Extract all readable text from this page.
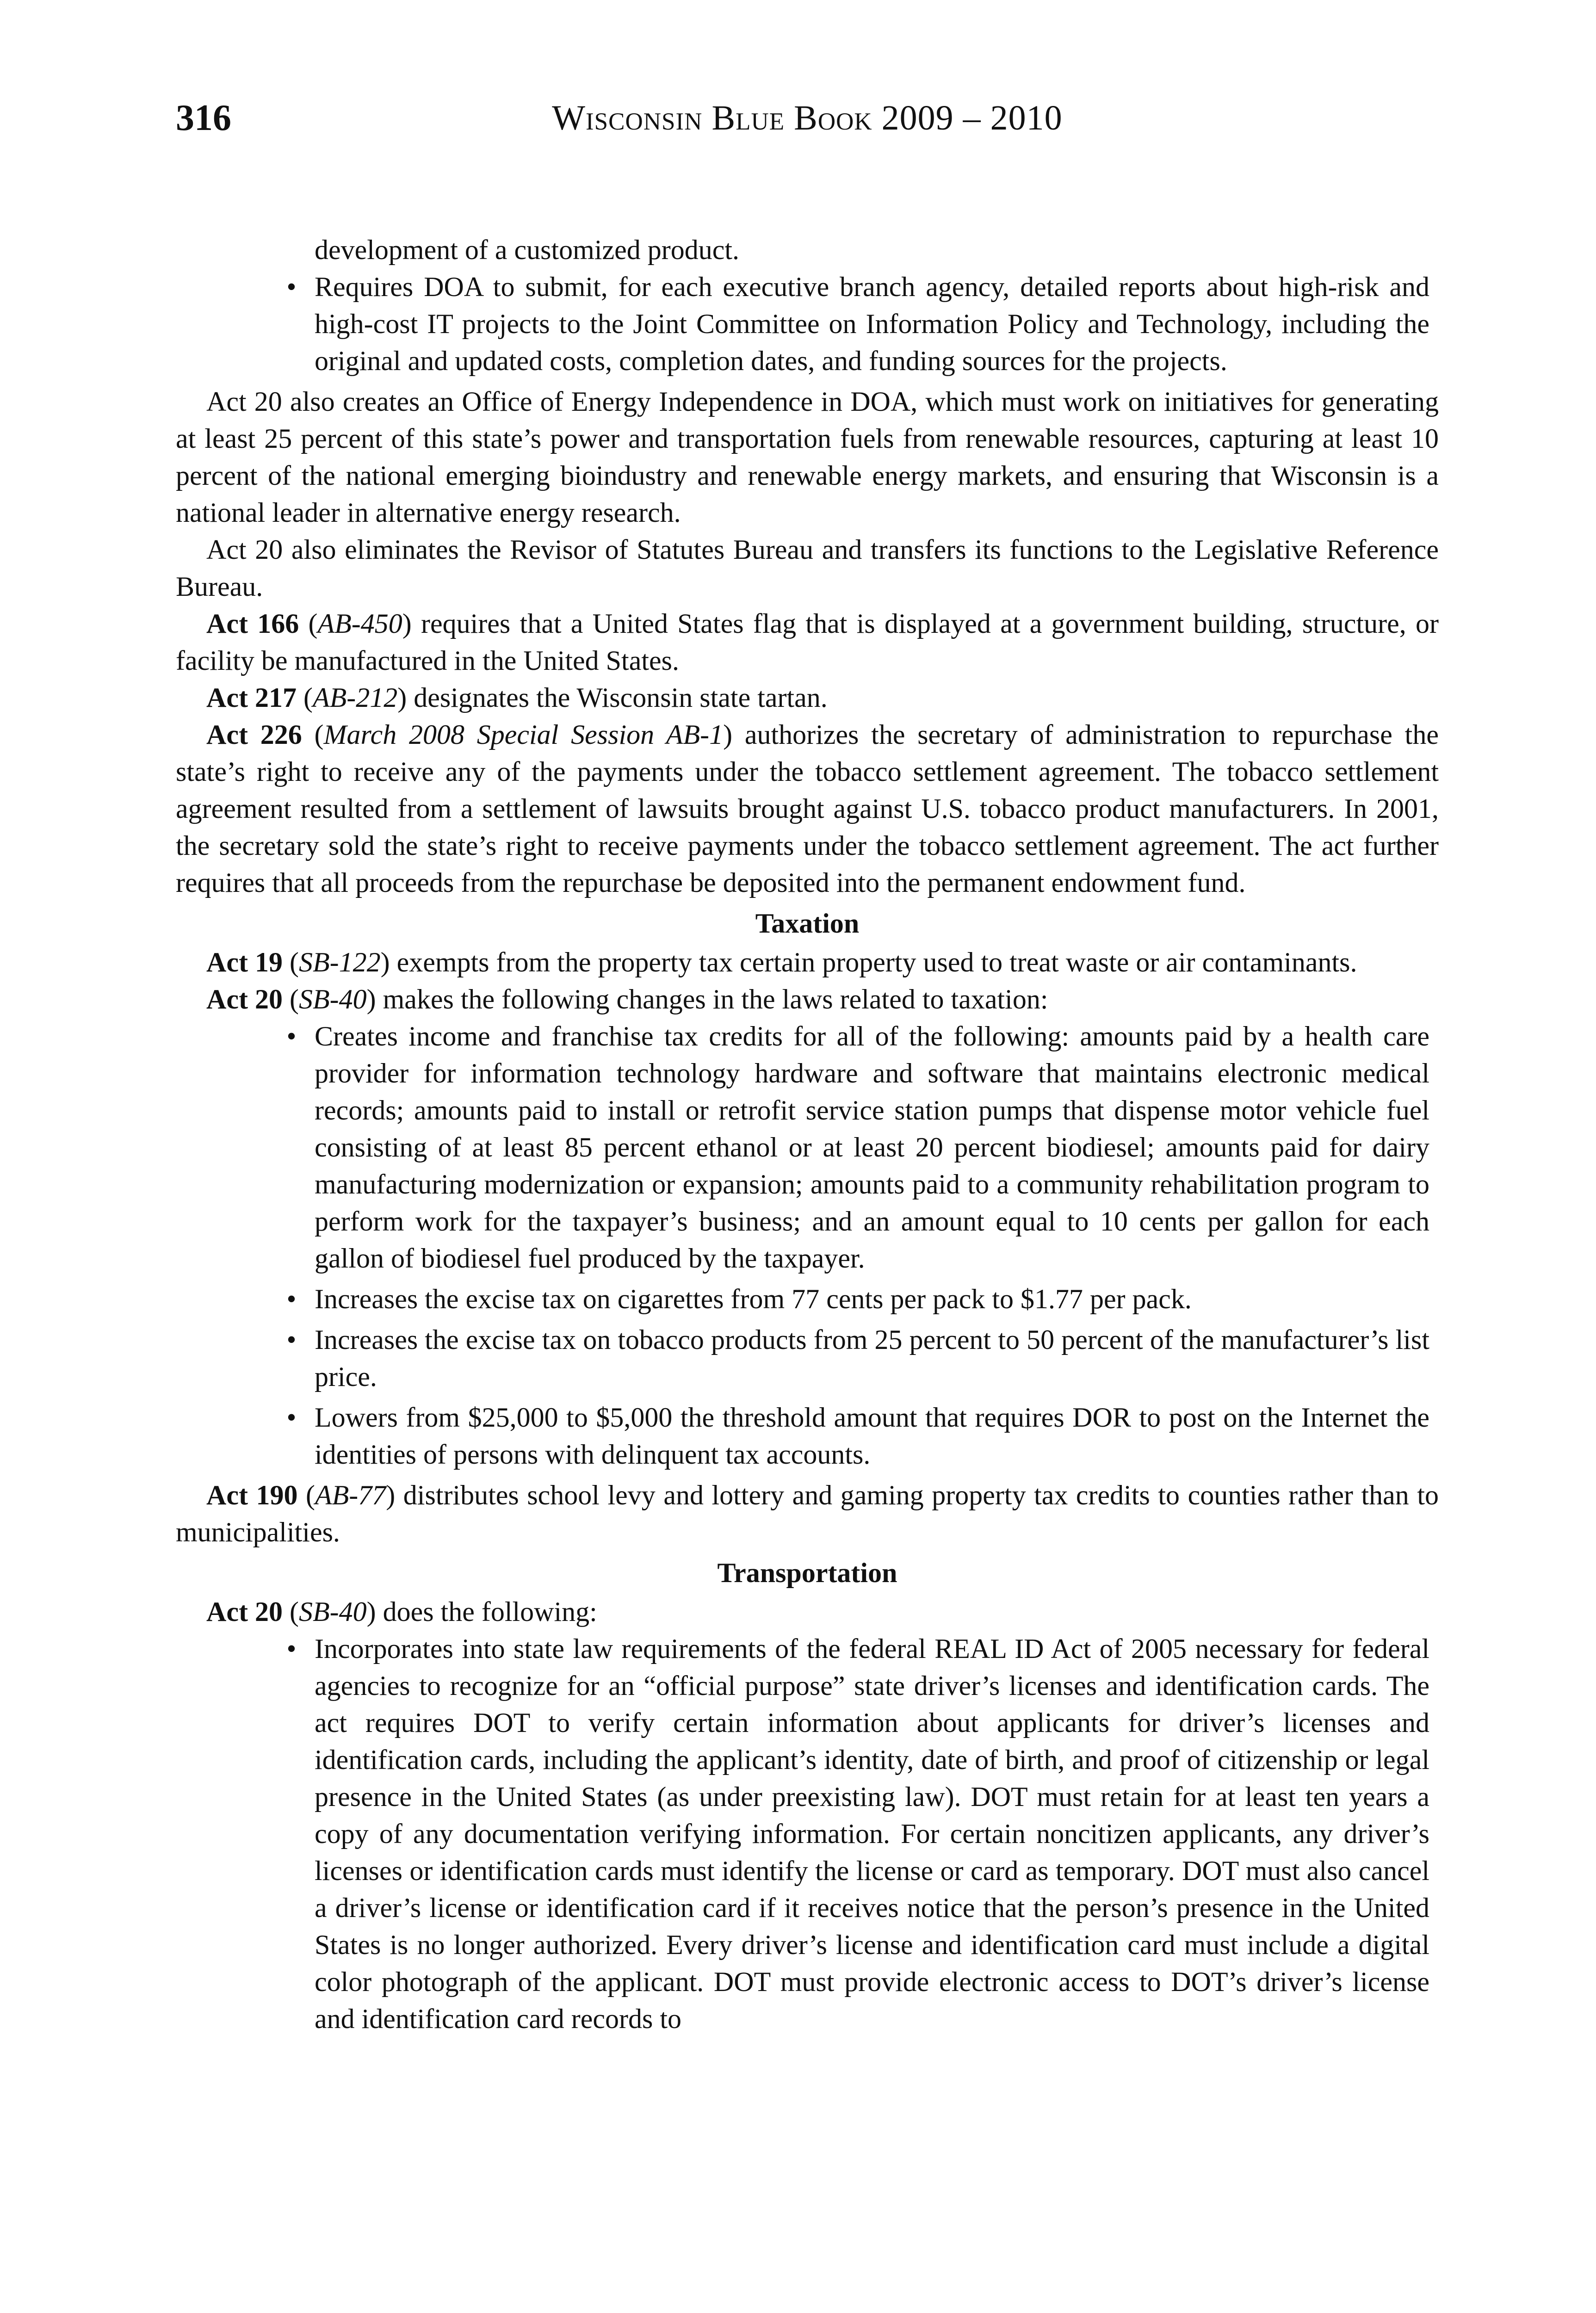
Wisconsin Blue Book 2009 – 2010
316

development of a customized product.

• Requires DOA to submit, for each executive branch agency, detailed reports about high-risk and high-cost IT projects to the Joint Committee on Information Policy and Technology, including the original and updated costs, completion dates, and funding sources for the projects.

Act 20 also creates an Office of Energy Independence in DOA, which must work on initiatives for generating at least 25 percent of this state’s power and transportation fuels from renewable resources, capturing at least 10 percent of the national emerging bioindustry and renewable energy markets, and ensuring that Wisconsin is a national leader in alternative energy research.

Act 20 also eliminates the Revisor of Statutes Bureau and transfers its functions to the Legislative Reference Bureau.

Act 166 (AB-450) requires that a United States flag that is displayed at a government building, structure, or facility be manufactured in the United States.

Act 217 (AB-212) designates the Wisconsin state tartan.

Act 226 (March 2008 Special Session AB-1) authorizes the secretary of administration to repurchase the state’s right to receive any of the payments under the tobacco settlement agreement. The tobacco settlement agreement resulted from a settlement of lawsuits brought against U.S. tobacco product manufacturers. In 2001, the secretary sold the state’s right to receive payments under the tobacco settlement agreement. The act further requires that all proceeds from the repurchase be deposited into the permanent endowment fund.

Taxation

Act 19 (SB-122) exempts from the property tax certain property used to treat waste or air contaminants.

Act 20 (SB-40) makes the following changes in the laws related to taxation:

• Creates income and franchise tax credits for all of the following: amounts paid by a health care provider for information technology hardware and software that maintains electronic medical records; amounts paid to install or retrofit service station pumps that dispense motor vehicle fuel consisting of at least 85 percent ethanol or at least 20 percent biodiesel; amounts paid for dairy manufacturing modernization or expansion; amounts paid to a community rehabilitation program to perform work for the taxpayer’s business; and an amount equal to 10 cents per gallon for each gallon of biodiesel fuel produced by the taxpayer.
• Increases the excise tax on cigarettes from 77 cents per pack to $1.77 per pack.
• Increases the excise tax on tobacco products from 25 percent to 50 percent of the manufacturer’s list price.
• Lowers from $25,000 to $5,000 the threshold amount that requires DOR to post on the Internet the identities of persons with delinquent tax accounts.

Act 190 (AB-77) distributes school levy and lottery and gaming property tax credits to counties rather than to municipalities.

Transportation

Act 20 (SB-40) does the following:

• Incorporates into state law requirements of the federal REAL ID Act of 2005 necessary for federal agencies to recognize for an “official purpose” state driver’s licenses and identification cards. The act requires DOT to verify certain information about applicants for driver’s licenses and identification cards, including the applicant’s identity, date of birth, and proof of citizenship or legal presence in the United States (as under preexisting law). DOT must retain for at least ten years a copy of any documentation verifying information. For certain noncitizen applicants, any driver’s licenses or identification cards must identify the license or card as temporary. DOT must also cancel a driver’s license or identification card if it receives notice that the person’s presence in the United States is no longer authorized. Every driver’s license and identification card must include a digital color photograph of the applicant. DOT must provide electronic access to DOT’s driver’s license and identification card records to
